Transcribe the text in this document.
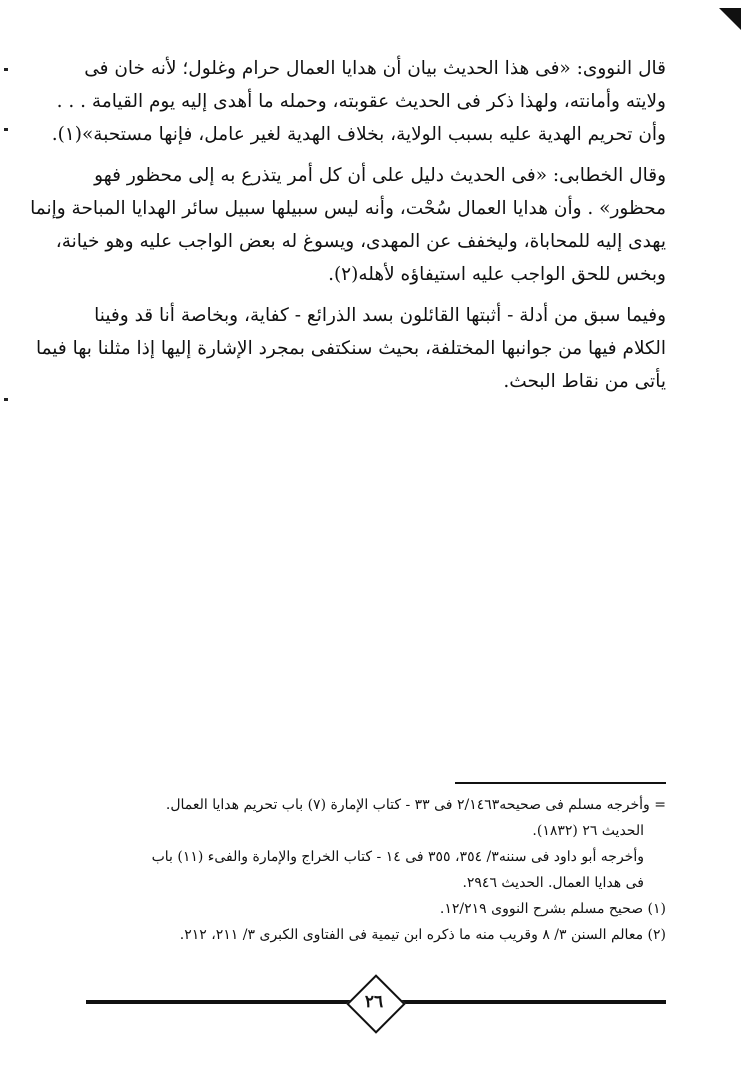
قال النووى: «فى هذا الحديث بيان أن هدايا العمال حرام وغلول؛ لأنه خان فى
ولايته وأمانته، ولهذا ذكر فى الحديث عقوبته، وحمله ما أهدى إليه يوم القيامة . . .
وأن تحريم الهدية عليه بسبب الولاية، بخلاف الهدية لغير عامل، فإنها مستحبة»(١).
وقال الخطابى: «فى الحديث دليل على أن كل أمر يتذرع به إلى محظور فهو
محظور» . وأن هدايا العمال سُحْت، وأنه ليس سبيلها سبيل سائر الهدايا المباحة وإنما
يهدى إليه للمحاباة، وليخفف عن المهدى، ويسوغ له بعض الواجب عليه وهو خيانة،
وبخس للحق الواجب عليه استيفاؤه لأهله(٢).
وفيما سبق من أدلة - أثبتها القائلون بسد الذرائع - كفاية، وبخاصة أنا قد وفينا
الكلام فيها من جوانبها المختلفة، بحيث سنكتفى بمجرد الإشارة إليها إذا مثلنا بها فيما
يأتى من نقاط البحث.
= وأخرجه مسلم فى صحيحه٢/١٤٦٣ فى ٣٣ - كتاب الإمارة (٧) باب تحريم هدايا العمال.
الحديث ٢٦ (١٨٣٢).
وأخرجه أبو داود فى سننه٣/ ٣٥٤، ٣٥٥ فى ١٤ - كتاب الخراج والإمارة والفىء (١١) باب
فى هدايا العمال. الحديث ٢٩٤٦.
(١) صحيح مسلم بشرح النووى ١٢/٢١٩.
(٢) معالم السنن ٣/ ٨ وقريب منه ما ذكره ابن تيمية فى الفتاوى الكبرى ٣/ ٢١١، ٢١٢.
٢٦
